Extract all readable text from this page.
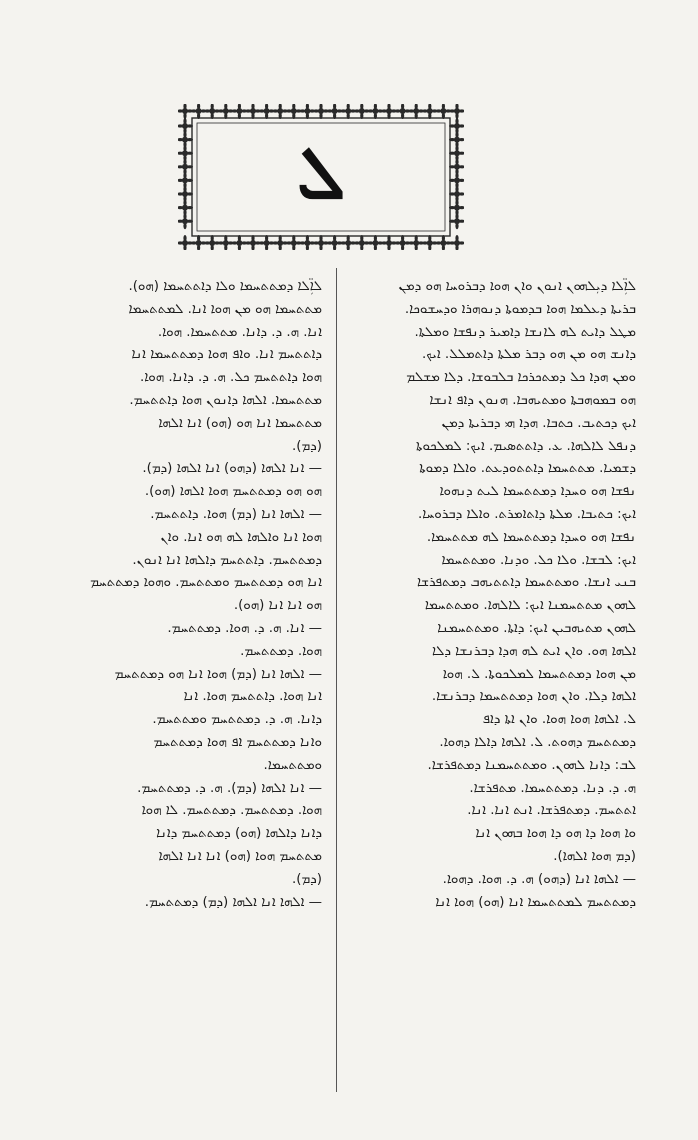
ܠ

ܠܐܼ̈ܠܐ ܕܝܼܠܗܘܢ ܐܢܘܢ ܘܐܢ ܗܘܐ ܕܒܪܘܚܐ ܗܘ ܕܡܢ

ܒܪܝܬܐ ܕܥܠܡܐ ܗܘܐ ܒܕܡܘܬܐ ܕܢܘܗܪܐ ܘܕܚܫܘܟܐ.

ܡܛܠ ܕܐܝܬ ܠܗ ܠܐܢܫܐ ܕܐܡܝܪ ܕܢܦܫܐ ܘܡܠܬܐ.

ܕܐܢܫ ܗܘ ܡܢ ܗܘ ܕܒܪ ܡܠܬܐ ܕܐܬܡܠܠ. ܐܝܟ.

ܘܡܢ ܗܕܐ ܟܠ ܕܡܬܟܪܟܐ ܒܠܒܘܫܐ. ܕܠܐ ܡܫܠܡ

ܗܘ ܒܡܘܗܒܬܐ ܘܡܬܝܗܒܐ. ܗܢܘܢ ܕܐܦ ܐܢܫܐ

ܐܝܟ ܕܟܬܝܒ. ܟܬܒܐ. ܗܕܐ ܗܝ ܕܒܪܝܬܐ ܕܡܢ

ܕܢܦܠ ܠܐܠܗܐ. ܥ. ܕܐܬܬܣܝܡ. ܐܝܟ: ܠܡܠܟܘܬܐ

ܕܫܡܝܐ. ܡܬܬܚܡܐ ܕܐܬܬܘܕܥܬ. ܘܐܠܐ ܕܡܘܬܐ

ܢܦܫܐ ܗܘ ܘܚܕܐ ܕܡܬܬܚܡܐ ܠܝܬ ܕܢܗܘܐ

ܐܝܟ: ܟܬܝܒܐ. ܡܠܬܐ ܕܐܬܐܡܪܬ. ܘܐܠܐ ܕܒܪܘܚܐ.

ܢܦܫܐ ܗܘ ܘܚܕܐ ܕܡܬܬܚܡܐ ܠܗ ܡܬܬܚܡܐ.

ܐܝܟ: ܠܒܫܐ. ܘܠܐ ܟܠ. ܘܕܢܐ. ܘܡܬܬܚܡܐ

ܒܢܝ ܐܢܫܐ. ܘܡܬܬܚܡܐ ܕܐܬܬܝܗܒ ܕܡܬܦܪܫܐ

ܠܗܘܢ ܡܬܬܚܡܢܐ ܐܝܟ: ܠܐܠܗܐ. ܘܡܬܬܚܡܐ

ܠܗܘܢ ܡܬܝܗܒܝܢ ܐܝܟ: ܕܐܬܐ. ܘܡܬܬܚܡܢܐ

ܐܠܗܐ ܗܘ. ܘܐܢ ܐܝܬ ܠܗ ܗܕܐ ܕܒܪܢܫܐ ܕܠܐ

ܡܢ ܗܘܐ ܕܡܬܬܚܡܐ ܠܡܠܟܘܬܐ. ܠ. ܗܘܐ

ܐܠܗܐ ܕܠܐ. ܘܐܢ ܗܘܐ ܕܡܬܬܚܡܐ ܕܒܪܢܫܐ.

ܠ. ܐܠܗܐ ܗܘܐ ܗܘܐ. ܘܐܢ ܐܬܐ ܕܐܦ

ܕܡܬܬܚܡ ܕܗܘܬ. ܠ. ܐܠܗܐ ܕܐܠܐ ܕܗܘܐ.

ܠܒ: ܕܐܢܐ ܠܗܘܢ. ܘܡܬܬܚܡܢܐ ܕܡܬܦܪܫܐ.

ܗ. ܕ. ܕܢܐ. ܕܡܬܬܚܡܐ. ܡܬܦܪܫܐ.

ܐܬܬܚܡ. ܕܡܬܦܪܫܐ. ܐܢܬ ܐܢܐ. ܐܢܐ.

ܘܐ ܗܘܐ ܕܐ ܗܘ ܕܐ ܗܘܐ ܒܗܘܢ ܐܢܐ

(ܕܡ ܗܘܐ ܐܠܗܐ).

— ܐܠܗܐ ܐܢܐ (ܕܗܘ) ܗ. ܕ. ܗܘܐ. ܕܗܘܐ.

ܕܡܬܬܚܡ ܠܡܬܬܚܡܐ ܐܢܐ (ܗܘ) ܗܘܐ ܐܢܐ

ܠܐܼ̈ܠܐ ܕܡܬܬܚܡܐ ܘܠܐ ܕܐܬܬܚܡܐ (ܗܘ).

ܡܬܬܚܡܐ ܗܘ ܡܢ ܗܘܐ ܐܢܐ. ܠܡܬܬܚܡܐ

ܐܢܐ. ܗ. ܕ. ܕܐܢܐ. ܡܬܬܚܡܐ. ܗܘܐ.

ܕܐܬܬܚܡ ܐܢܐ. ܘܐܦ ܗܘܐ ܕܡܬܬܚܡܐ ܐܢܐ

ܗܘܐ ܕܐܬܬܚܡ ܟܠ. ܗ. ܕ. ܕܐܢܐ. ܗܘܐ.

ܡܬܬܚܡܐ. ܐܠܗܐ ܕܐܢܘܢ ܗܘܐ ܕܐܬܬܚܡ.

ܡܬܬܚܡܐ ܐܢܐ ܗܘ (ܗܘ) ܐܢܐ ܐܠܗܐ

(ܕܡ).

— ܐܢܐ ܐܠܗܐ (ܕܗܘ) ܐܢܐ ܐܠܗܐ (ܕܡ).

ܗܘ ܗܘ ܕܡܬܬܚܡ ܗܘܐ ܐܠܗܐ (ܗܘ).

— ܐܠܗܐ ܐܢܐ (ܕܡ) ܗܘܐ. ܕܐܬܬܚܡ.

ܗܘܐ ܐܢܐ ܘܐܠܗܐ ܠܗ ܗܘ ܐܢܐ. ܘܐܢ

ܕܡܬܬܚܡ. ܕܐܬܬܚܡ ܕܐܠܗܐ ܐܢܐ ܐܢܘܢ.

ܐܢܐ ܗܘ ܕܡܬܬܚܡ ܘܡܬܬܚܡ. ܘܗܘܐ ܕܡܬܬܚܡ

ܗܘ ܐܢܐ ܐܢܐ (ܗܘ).

— ܐܢܐ. ܗ. ܕ. ܗܘܐ. ܕܡܬܬܚܡ.

ܗܘܐ. ܕܡܬܬܚܡ.

— ܐܠܗܐ ܐܢܐ (ܕܡ) ܗܘܐ ܐܢܐ ܗܘ ܕܡܬܬܚܡ

ܐܢܐ ܗܘܐ. ܕܐܬܬܚܡ ܗܘܐ. ܐܢܐ

ܕܐܢܐ. ܗ. ܕ. ܕܡܬܬܚܡ ܘܡܬܬܚܡ.

ܘܐܢܐ ܕܡܬܬܚܡ ܐܦ ܗܘܐ ܕܡܬܬܚܡ

ܘܡܬܬܚܡܐ.

— ܐܢܐ ܐܠܗܐ (ܕܡ). ܗ. ܕ. ܕܡܬܬܚܡ.

ܗܘܐ. ܕܡܬܬܚܡ. ܕܡܬܬܚܡ. ܠܐ ܗܘܐ

ܕܐܢܐ ܕܐܠܗܐ (ܗܘ) ܕܡܬܬܚܡ ܕܐܢܐ

ܡܬܬܚܡ ܗܘܐ (ܗܘ) ܐܢܐ ܐܢܐ ܐܠܗܐ

(ܕܡ).

— ܐܠܗܐ ܐܢܐ ܐܠܗܐ (ܕܡ) ܕܡܬܬܚܡ.
